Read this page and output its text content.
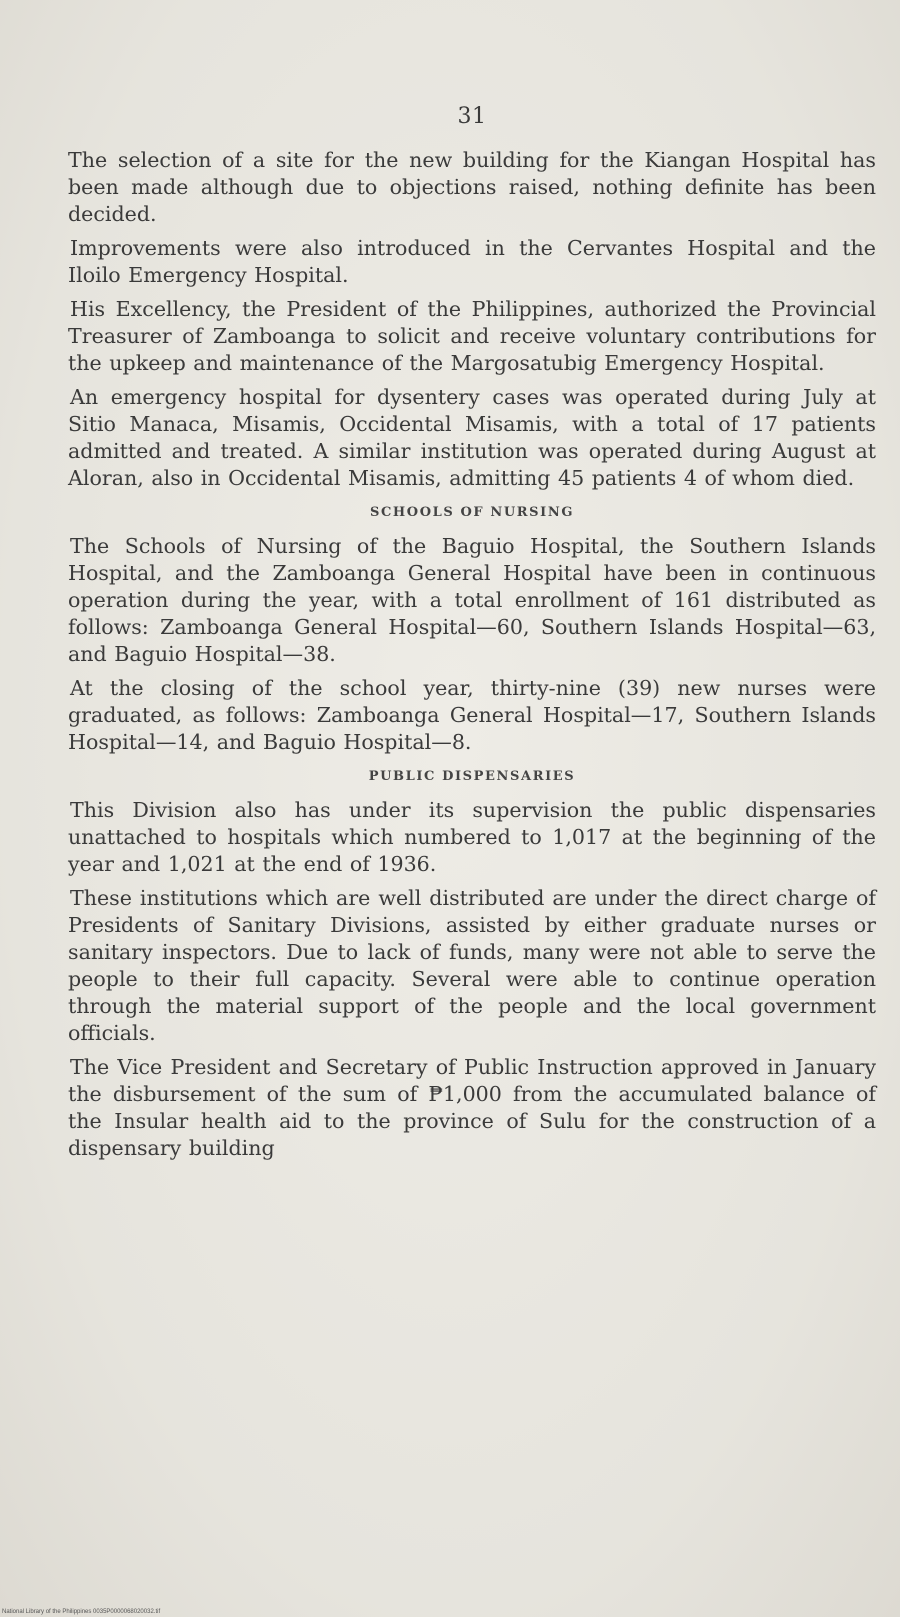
31

The selection of a site for the new building for the Kiangan Hospital has been made although due to objections raised, nothing definite has been decided.

Improvements were also introduced in the Cervantes Hospital and the Iloilo Emergency Hospital.

His Excellency, the President of the Philippines, authorized the Provincial Treasurer of Zamboanga to solicit and receive voluntary contributions for the upkeep and maintenance of the Margosatubig Emergency Hospital.

An emergency hospital for dysentery cases was operated during July at Sitio Manaca, Misamis, Occidental Misamis, with a total of 17 patients admitted and treated. A similar institution was operated during August at Aloran, also in Occidental Misamis, admitting 45 patients 4 of whom died.

SCHOOLS OF NURSING

The Schools of Nursing of the Baguio Hospital, the Southern Islands Hospital, and the Zamboanga General Hospital have been in continuous operation during the year, with a total enrollment of 161 distributed as follows: Zamboanga General Hospital—60, Southern Islands Hospital—63, and Baguio Hospital—38.

At the closing of the school year, thirty-nine (39) new nurses were graduated, as follows: Zamboanga General Hospital—17, Southern Islands Hospital—14, and Baguio Hospital—8.

PUBLIC DISPENSARIES

This Division also has under its supervision the public dispensaries unattached to hospitals which numbered to 1,017 at the beginning of the year and 1,021 at the end of 1936.

These institutions which are well distributed are under the direct charge of Presidents of Sanitary Divisions, assisted by either graduate nurses or sanitary inspectors. Due to lack of funds, many were not able to serve the people to their full capacity. Several were able to continue operation through the material support of the people and the local government officials.

The Vice President and Secretary of Public Instruction approved in January the disbursement of the sum of ₱1,000 from the accumulated balance of the Insular health aid to the province of Sulu for the construction of a dispensary building

National Library of the Philippines 0035P0000068020032.tif
